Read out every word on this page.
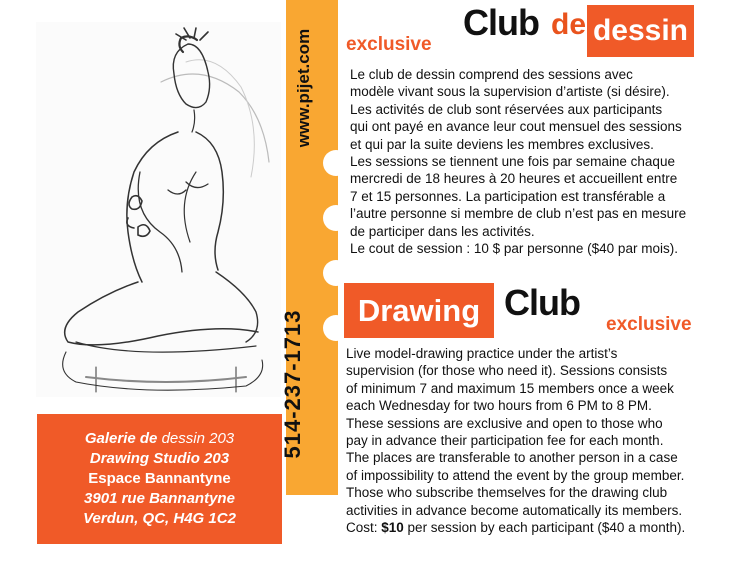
Galerie de dessin 203
Drawing Studio 203
Espace Bannantyne
3901 rue Bannantyne
Verdun, QC, H4G 1C2
www.pijet.com
514-237-1713
exclusive
Club de dessin
Le club de dessin comprend des sessions avec
modèle vivant sous la supervision d’artiste (si désire).
Les activités de club sont réservées aux participants
qui ont payé en avance leur cout mensuel des sessions
et qui par la suite deviens les membres exclusives.
Les sessions se tiennent une fois par semaine chaque
mercredi de 18 heures à 20 heures et accueillent entre
7 et 15 personnes. La participation est transférable a
l’autre personne si membre de club n’est pas en mesure
de participer dans les activités.
Le cout de session : 10 $ par personne ($40 par mois).
Drawing Club
exclusive
Live model-drawing practice under the artist’s
supervision (for those who need it). Sessions consists
of minimum 7 and maximum 15 members once a week
each Wednesday for two hours from 6 PM to 8 PM.
These sessions are exclusive and open to those who
pay in advance their participation fee for each month.
The places are transferable to another person in a case
of impossibility to attend the event by the group member.
Those who subscribe themselves for the drawing club
activities in advance become automatically its members.
Cost: $10 per session by each participant ($40 a month).
